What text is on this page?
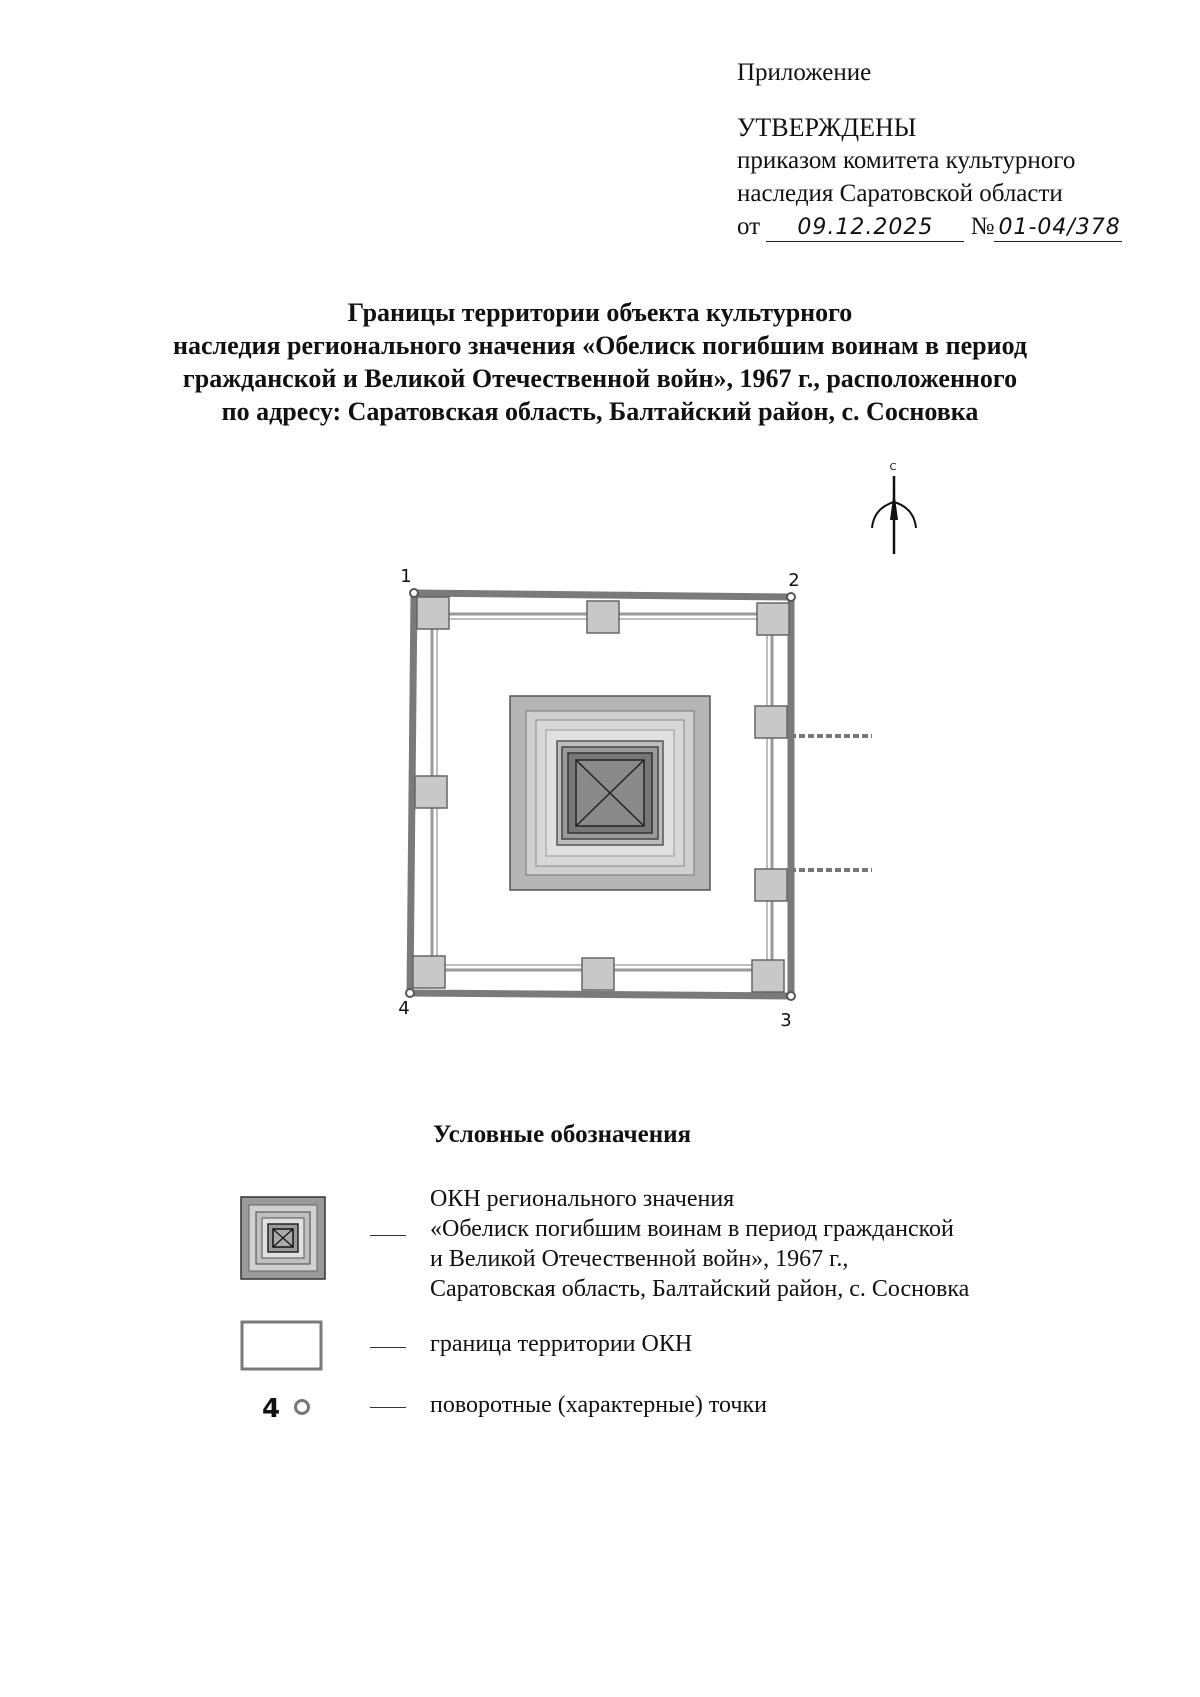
Приложение
УТВЕРЖДЕНЫ
приказом комитета культурного
наследия Саратовской области
от 09.12.2025 № 01-04/378
Границы территории объекта культурного
наследия регионального значения «Обелиск погибшим воинам в период
гражданской и Великой Отечественной войн», 1967 г., расположенного
по адресу: Саратовская область, Балтайский район, с. Сосновка
С
1	2
3
4
Условные обозначения
ОКН регионального значения
«Обелиск погибшим воинам в период гражданской
и Великой Отечественной войн», 1967 г.,
Саратовская область, Балтайский район, с. Сосновка
граница территории ОКН
4	поворотные (характерные) точки
